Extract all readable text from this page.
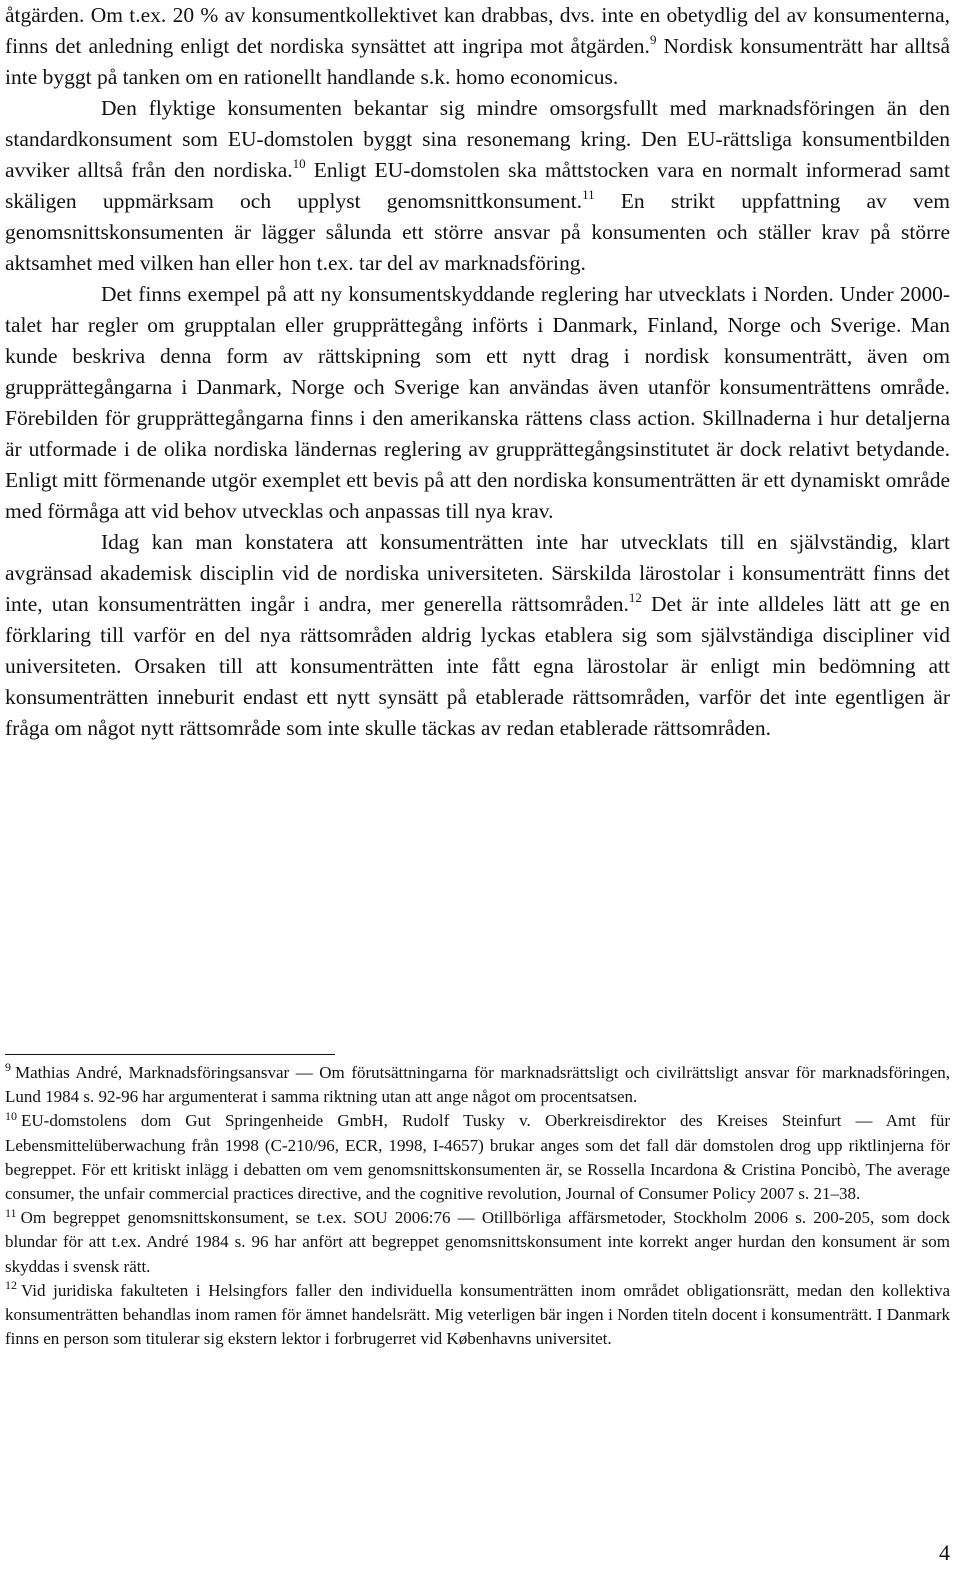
åtgärden. Om t.ex. 20 % av konsumentkollektivet kan drabbas, dvs. inte en obetydlig del av konsumenterna, finns det anledning enligt det nordiska synsättet att ingripa mot åtgärden.$^9$ Nordisk konsumenträtt har alltså inte byggt på tanken om en rationellt handlande s.k. homo economicus.

Den flyktige konsumenten bekantar sig mindre omsorgsfullt med marknadsföringen än den standardkonsument som EU-domstolen byggt sina resonemang kring. Den EU-rättsliga konsumentbilden avviker alltså från den nordiska.$^{10}$ Enligt EU-domstolen ska måttstocken vara en normalt informerad samt skäligen uppmärksam och upplyst genomsnittkonsument.$^{11}$ En strikt uppfattning av vem genomsnittskonsumenten är lägger sålunda ett större ansvar på konsumenten och ställer krav på större aktsamhet med vilken han eller hon t.ex. tar del av marknadsföring.

Det finns exempel på att ny konsumentskyddande reglering har utvecklats i Norden. Under 2000-talet har regler om grupptalan eller grupprättegång införts i Danmark, Finland, Norge och Sverige. Man kunde beskriva denna form av rättskipning som ett nytt drag i nordisk konsumenträtt, även om grupprättegångarna i Danmark, Norge och Sverige kan användas även utanför konsumenträttens område. Förebilden för grupprättegångarna finns i den amerikanska rättens class action. Skillnaderna i hur detaljerna är utformade i de olika nordiska ländernas reglering av grupprättegångsinstitutet är dock relativt betydande. Enligt mitt förmenande utgör exemplet ett bevis på att den nordiska konsumenträtten är ett dynamiskt område med förmåga att vid behov utvecklas och anpassas till nya krav.

Idag kan man konstatera att konsumenträtten inte har utvecklats till en självständig, klart avgränsad akademisk disciplin vid de nordiska universiteten. Särskilda lärostolar i konsumenträtt finns det inte, utan konsumenträtten ingår i andra, mer generella rättsområden.$^{12}$ Det är inte alldeles lätt att ge en förklaring till varför en del nya rättsområden aldrig lyckas etablera sig som självständiga discipliner vid universiteten. Orsaken till att konsumenträtten inte fått egna lärostolar är enligt min bedömning att konsumenträtten inneburit endast ett nytt synsätt på etablerade rättsområden, varför det inte egentligen är fråga om något nytt rättsområde som inte skulle täckas av redan etablerade rättsområden.

$^9$ Mathias André, Marknadsföringsansvar — Om förutsättningarna för marknadsrättsligt och civilrättsligt ansvar för marknadsföringen, Lund 1984 s. 92-96 har argumenterat i samma riktning utan att ange något om procentsatsen.

$^{10}$ EU-domstolens dom Gut Springenheide GmbH, Rudolf Tusky v. Oberkreisdirektor des Kreises Steinfurt — Amt für Lebensmittelüberwachung från 1998 (C-210/96, ECR, 1998, I-4657) brukar anges som det fall där domstolen drog upp riktlinjerna för begreppet. För ett kritiskt inlägg i debatten om vem genomsnittskonsumenten är, se Rossella Incardona & Cristina Poncibò, The average consumer, the unfair commercial practices directive, and the cognitive revolution, Journal of Consumer Policy 2007 s. 21–38.

$^{11}$ Om begreppet genomsnittskonsument, se t.ex. SOU 2006:76 — Otillbörliga affärsmetoder, Stockholm 2006 s. 200-205, som dock blundar för att t.ex. André 1984 s. 96 har anfört att begreppet genomsnittskonsument inte korrekt anger hurdan den konsument är som skyddas i svensk rätt.

$^{12}$ Vid juridiska fakulteten i Helsingfors faller den individuella konsumenträtten inom området obligationsrätt, medan den kollektiva konsumenträtten behandlas inom ramen för ämnet handelsrätt. Mig veterligen bär ingen i Norden titeln docent i konsumenträtt. I Danmark finns en person som titulerar sig ekstern lektor i forbrugerret vid Københavns universitet.

4
